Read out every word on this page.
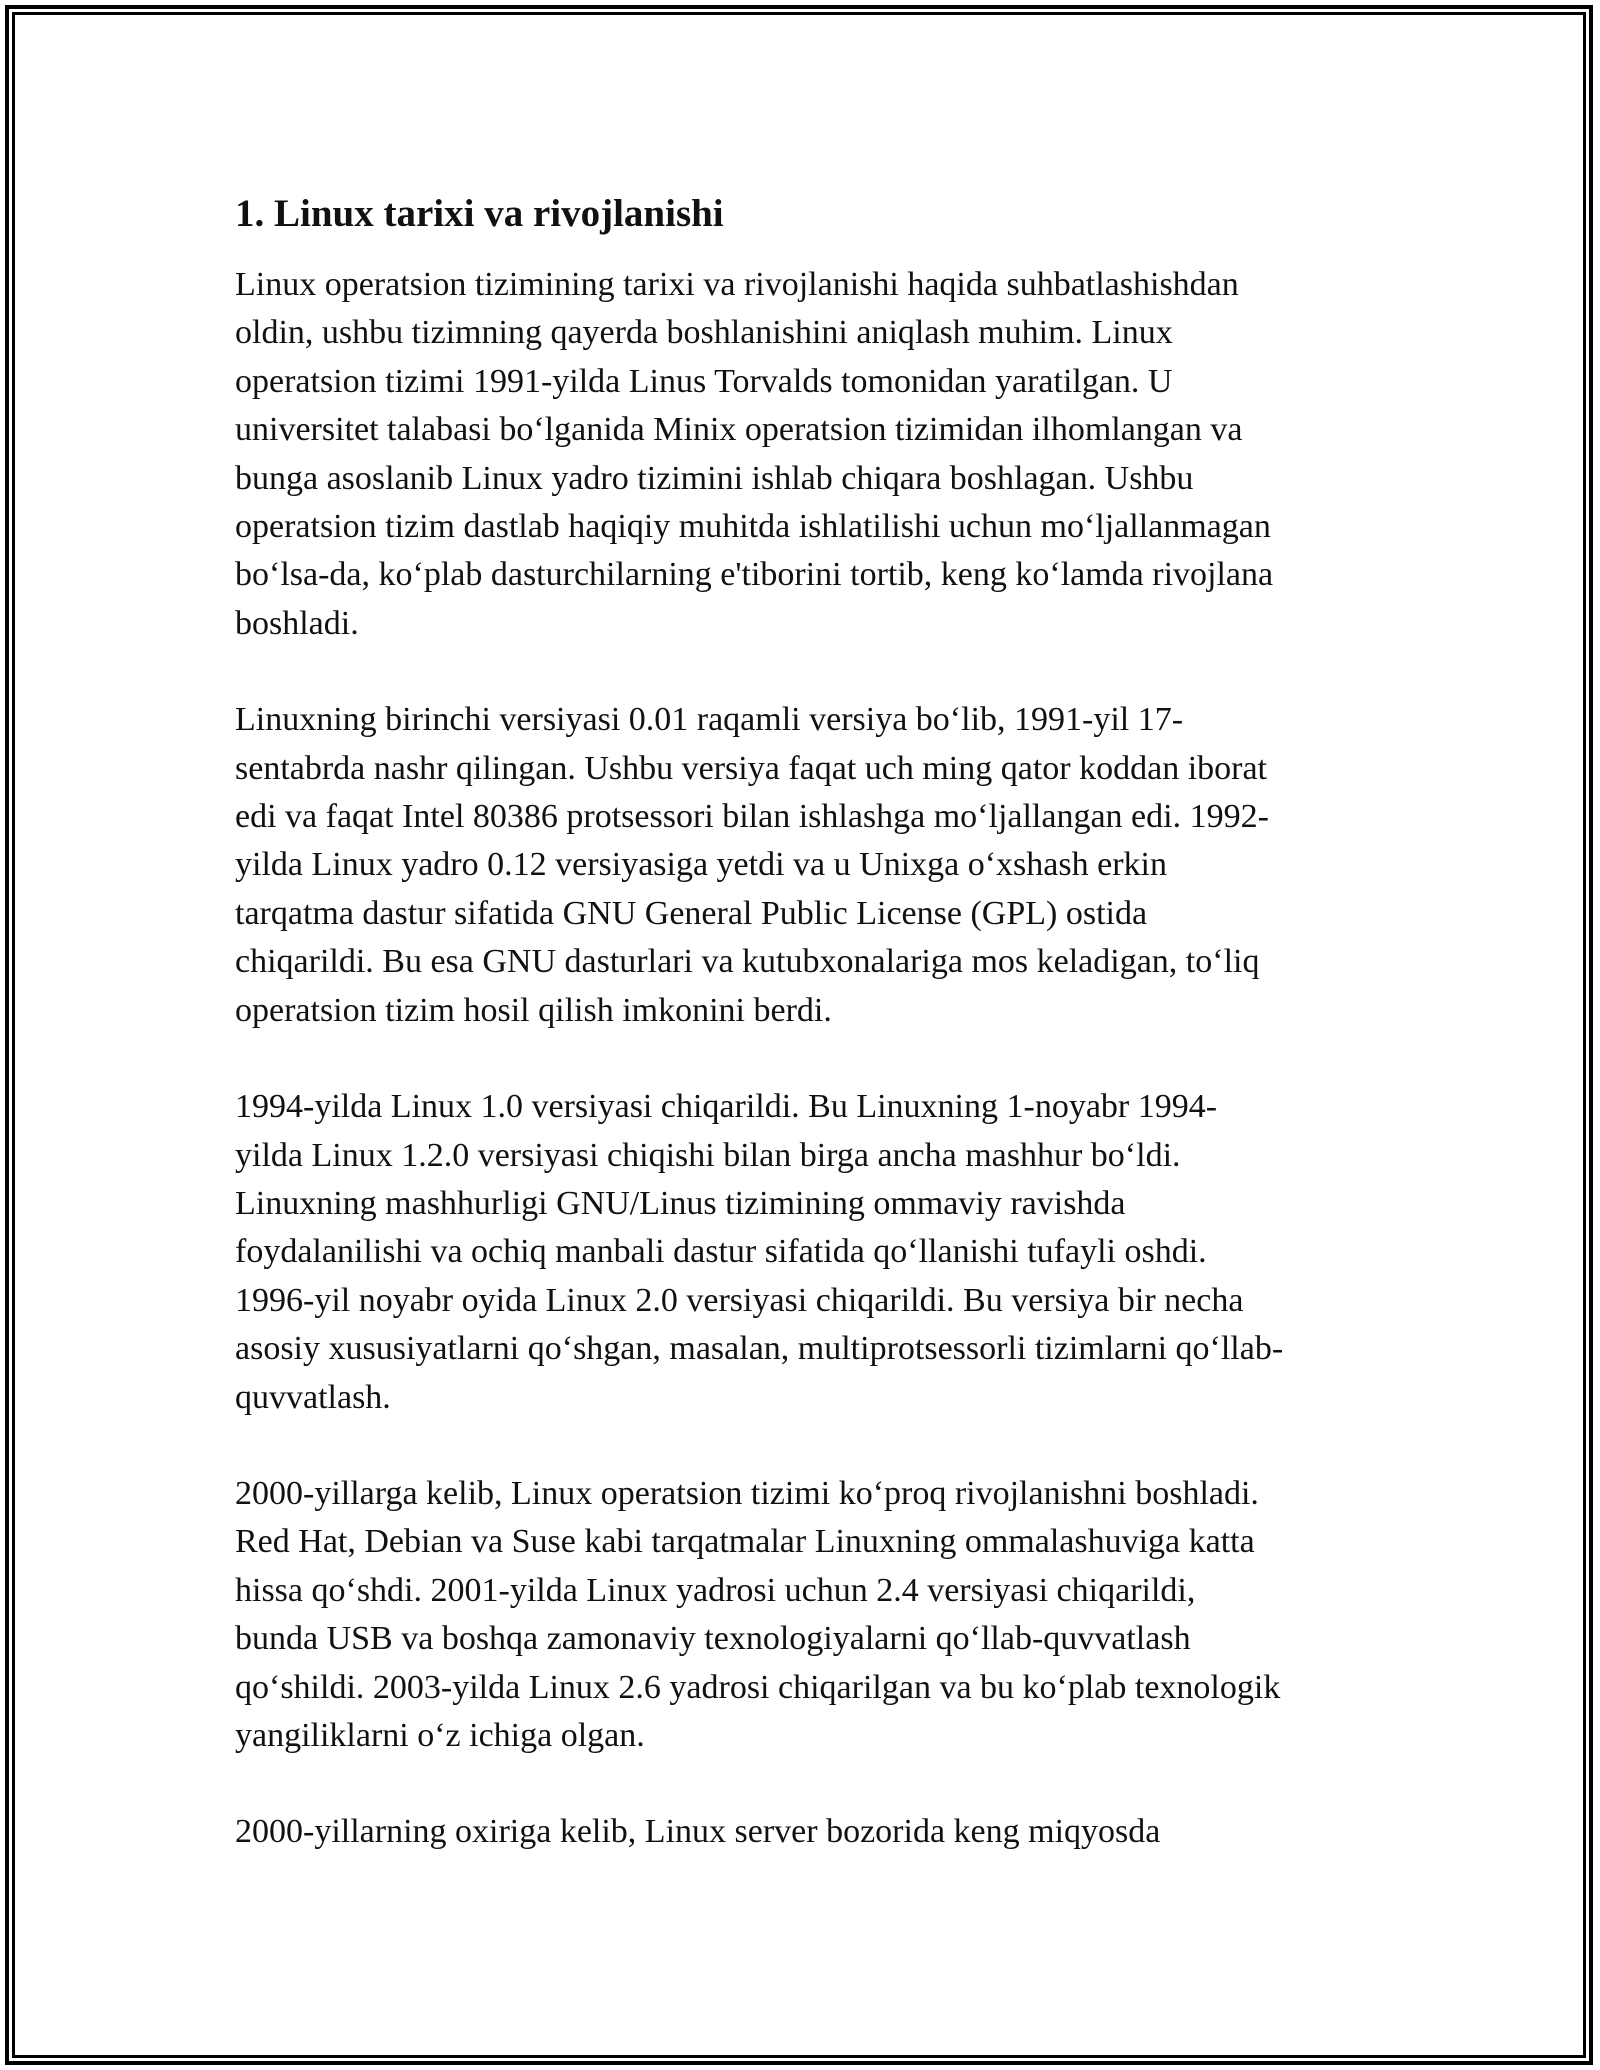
1. Linux tarixi va rivojlanishi

Linux operatsion tizimining tarixi va rivojlanishi haqida suhbatlashishdan
oldin, ushbu tizimning qayerda boshlanishini aniqlash muhim. Linux
operatsion tizimi 1991-yilda Linus Torvalds tomonidan yaratilgan. U
universitet talabasi bo‘lganida Minix operatsion tizimidan ilhomlangan va
bunga asoslanib Linux yadro tizimini ishlab chiqara boshlagan. Ushbu
operatsion tizim dastlab haqiqiy muhitda ishlatilishi uchun mo‘ljallanmagan
bo‘lsa-da, ko‘plab dasturchilarning e'tiborini tortib, keng ko‘lamda rivojlana
boshladi.

Linuxning birinchi versiyasi 0.01 raqamli versiya bo‘lib, 1991-yil 17-
sentabrda nashr qilingan. Ushbu versiya faqat uch ming qator koddan iborat
edi va faqat Intel 80386 protsessori bilan ishlashga mo‘ljallangan edi. 1992-
yilda Linux yadro 0.12 versiyasiga yetdi va u Unixga o‘xshash erkin
tarqatma dastur sifatida GNU General Public License (GPL) ostida
chiqarildi. Bu esa GNU dasturlari va kutubxonalariga mos keladigan, to‘liq
operatsion tizim hosil qilish imkonini berdi.

1994-yilda Linux 1.0 versiyasi chiqarildi. Bu Linuxning 1-noyabr 1994-
yilda Linux 1.2.0 versiyasi chiqishi bilan birga ancha mashhur bo‘ldi.
Linuxning mashhurligi GNU/Linus tizimining ommaviy ravishda
foydalanilishi va ochiq manbali dastur sifatida qo‘llanishi tufayli oshdi.
1996-yil noyabr oyida Linux 2.0 versiyasi chiqarildi. Bu versiya bir necha
asosiy xususiyatlarni qo‘shgan, masalan, multiprotsessorli tizimlarni qo‘llab-
quvvatlash.

2000-yillarga kelib, Linux operatsion tizimi ko‘proq rivojlanishni boshladi.
Red Hat, Debian va Suse kabi tarqatmalar Linuxning ommalashuviga katta
hissa qo‘shdi. 2001-yilda Linux yadrosi uchun 2.4 versiyasi chiqarildi,
bunda USB va boshqa zamonaviy texnologiyalarni qo‘llab-quvvatlash
qo‘shildi. 2003-yilda Linux 2.6 yadrosi chiqarilgan va bu ko‘plab texnologik
yangiliklarni o‘z ichiga olgan.

2000-yillarning oxiriga kelib, Linux server bozorida keng miqyosda
